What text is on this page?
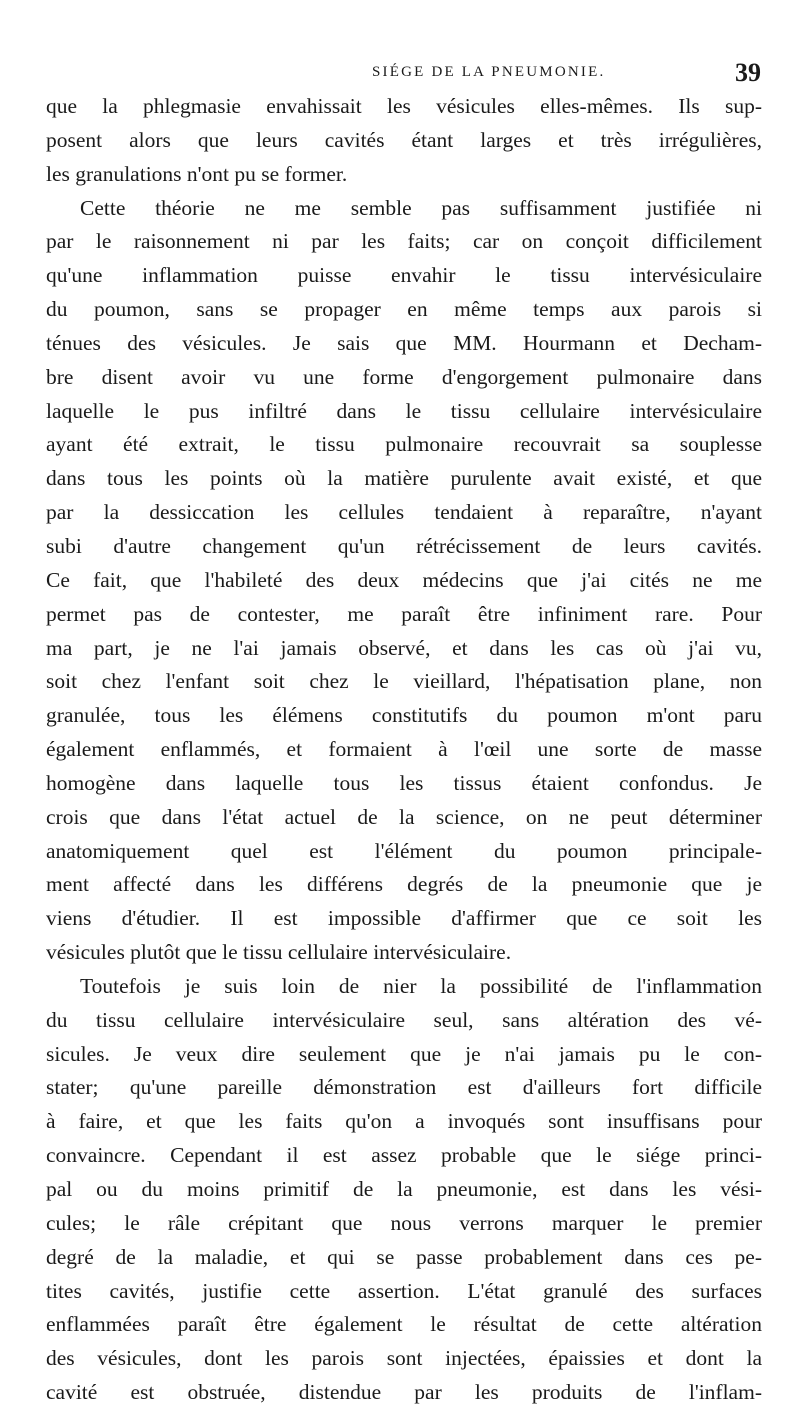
SIÉGE DE LA PNEUMONIE.	39
que la phlegmasie envahissait les vésicules elles-mêmes. Ils sup-
posent alors que leurs cavités étant larges et très irrégulières,
les granulations n'ont pu se former.
Cette théorie ne me semble pas suffisamment justifiée ni
par le raisonnement ni par les faits; car on conçoit difficilement
qu'une inflammation puisse envahir le tissu intervésiculaire
du poumon, sans se propager en même temps aux parois si
ténues des vésicules. Je sais que MM. Hourmann et Decham-
bre disent avoir vu une forme d'engorgement pulmonaire dans
laquelle le pus infiltré dans le tissu cellulaire intervésiculaire
ayant été extrait, le tissu pulmonaire recouvrait sa souplesse
dans tous les points où la matière purulente avait existé, et que
par la dessiccation les cellules tendaient à reparaître, n'ayant
subi d'autre changement qu'un rétrécissement de leurs cavités.
Ce fait, que l'habileté des deux médecins que j'ai cités ne me
permet pas de contester, me paraît être infiniment rare. Pour
ma part, je ne l'ai jamais observé, et dans les cas où j'ai vu,
soit chez l'enfant soit chez le vieillard, l'hépatisation plane, non
granulée, tous les élémens constitutifs du poumon m'ont paru
également enflammés, et formaient à l'œil une sorte de masse
homogène dans laquelle tous les tissus étaient confondus. Je
crois que dans l'état actuel de la science, on ne peut déterminer
anatomiquement quel est l'élément du poumon principale-
ment affecté dans les différens degrés de la pneumonie que je
viens d'étudier. Il est impossible d'affirmer que ce soit les
vésicules plutôt que le tissu cellulaire intervésiculaire.
Toutefois je suis loin de nier la possibilité de l'inflammation
du tissu cellulaire intervésiculaire seul, sans altération des vé-
sicules. Je veux dire seulement que je n'ai jamais pu le con-
stater; qu'une pareille démonstration est d'ailleurs fort difficile
à faire, et que les faits qu'on a invoqués sont insuffisans pour
convaincre. Cependant il est assez probable que le siége princi-
pal ou du moins primitif de la pneumonie, est dans les vési-
cules; le râle crépitant que nous verrons marquer le premier
degré de la maladie, et qui se passe probablement dans ces pe-
tites cavités, justifie cette assertion. L'état granulé des surfaces
enflammées paraît être également le résultat de cette altération
des vésicules, dont les parois sont injectées, épaissies et dont la
cavité est obstruée, distendue par les produits de l'inflam-
